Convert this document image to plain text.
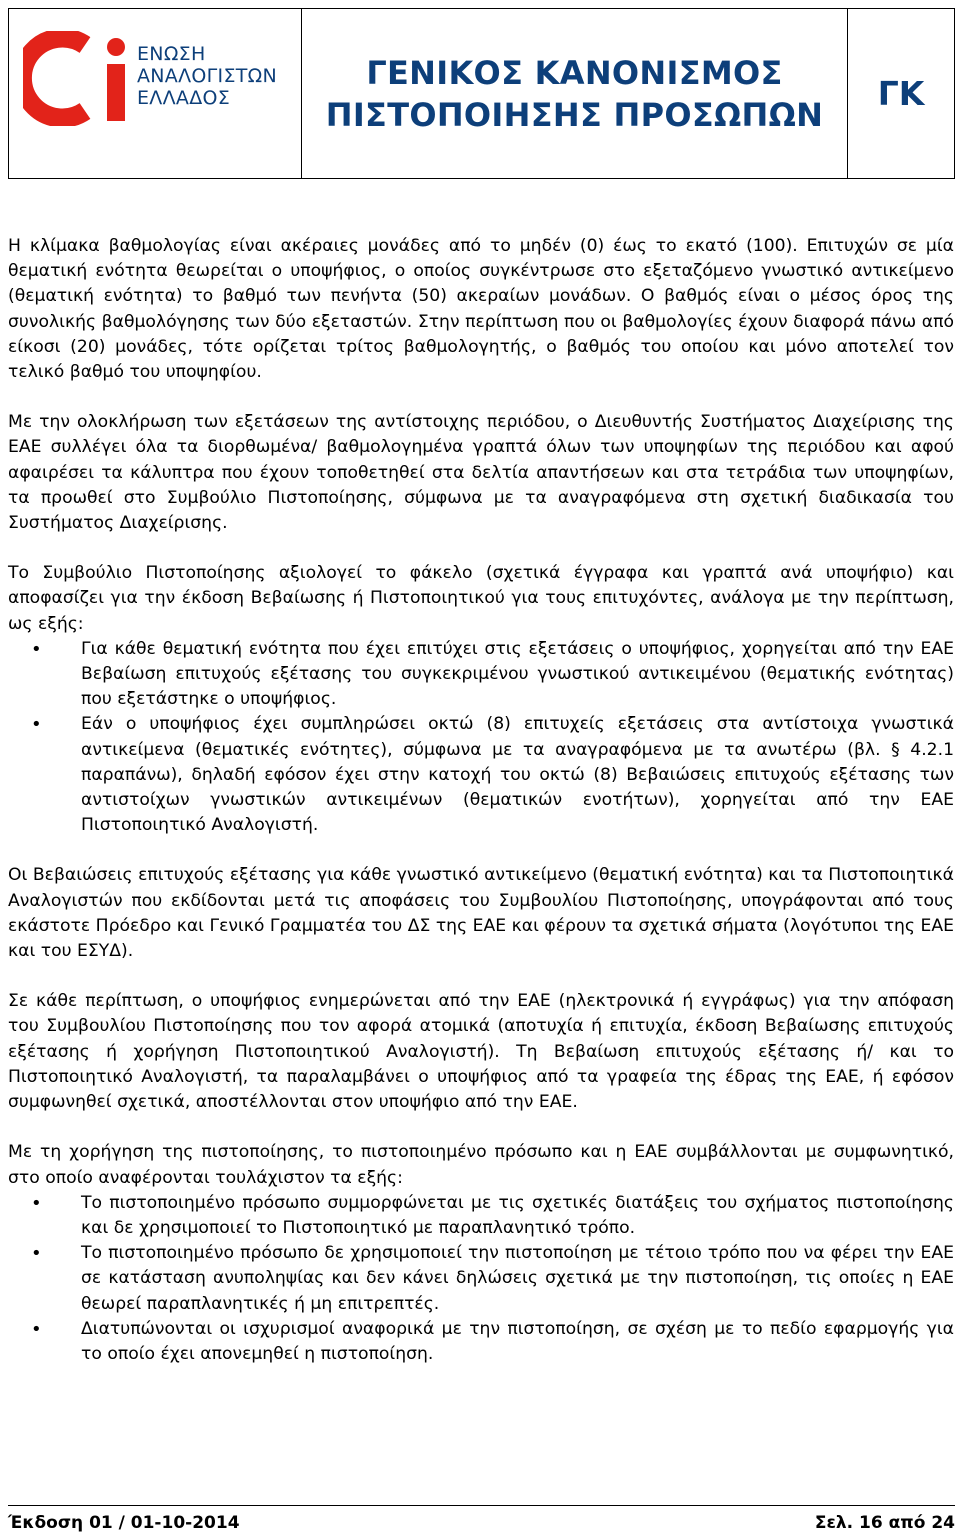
ΕΝΩΣΗ
ΑΝΑΛΟΓΙΣΤΩΝ
ΕΛΛΑΔΟΣ
ΓΕΝΙΚΟΣ ΚΑΝΟΝΙΣΜΟΣ
ΠΙΣΤΟΠΟΙΗΣΗΣ ΠΡΟΣΩΠΩΝ
ΓΚ

Η κλίμακα βαθμολογίας είναι ακέραιες μονάδες από το μηδέν (0) έως το εκατό (100). Επιτυχών σε μία θεματική ενότητα θεωρείται ο υποψήφιος, ο οποίος συγκέντρωσε στο εξεταζόμενο γνωστικό αντικείμενο (θεματική ενότητα) το βαθμό των πενήντα (50) ακεραίων μονάδων. Ο βαθμός είναι ο μέσος όρος της συνολικής βαθμολόγησης των δύο εξεταστών. Στην περίπτωση που οι βαθμολογίες έχουν διαφορά πάνω από είκοσι (20) μονάδες, τότε ορίζεται τρίτος βαθμολογητής, ο βαθμός του οποίου και μόνο αποτελεί τον τελικό βαθμό του υποψηφίου.

Με την ολοκλήρωση των εξετάσεων της αντίστοιχης περιόδου, ο Διευθυντής Συστήματος Διαχείρισης της ΕΑΕ συλλέγει όλα τα διορθωμένα/ βαθμολογημένα γραπτά όλων των υποψηφίων της περιόδου και αφού αφαιρέσει τα κάλυπτρα που έχουν τοποθετηθεί στα δελτία απαντήσεων και στα τετράδια των υποψηφίων, τα προωθεί στο Συμβούλιο Πιστοποίησης, σύμφωνα με τα αναγραφόμενα στη σχετική διαδικασία του Συστήματος Διαχείρισης.

Το Συμβούλιο Πιστοποίησης αξιολογεί το φάκελο (σχετικά έγγραφα και γραπτά ανά υποψήφιο) και αποφασίζει για την έκδοση Βεβαίωσης ή Πιστοποιητικού για τους επιτυχόντες, ανάλογα με την περίπτωση, ως εξής:

• Για κάθε θεματική ενότητα που έχει επιτύχει στις εξετάσεις ο υποψήφιος, χορηγείται από την ΕΑΕ Βεβαίωση επιτυχούς εξέτασης του συγκεκριμένου γνωστικού αντικειμένου (θεματικής ενότητας) που εξετάστηκε ο υποψήφιος.
• Εάν ο υποψήφιος έχει συμπληρώσει οκτώ (8) επιτυχείς εξετάσεις στα αντίστοιχα γνωστικά αντικείμενα (θεματικές ενότητες), σύμφωνα με τα αναγραφόμενα με τα ανωτέρω (βλ. § 4.2.1 παραπάνω), δηλαδή εφόσον έχει στην κατοχή του οκτώ (8) Βεβαιώσεις επιτυχούς εξέτασης των αντιστοίχων γνωστικών αντικειμένων (θεματικών ενοτήτων), χορηγείται από την ΕΑΕ Πιστοποιητικό Αναλογιστή.

Οι Βεβαιώσεις επιτυχούς εξέτασης για κάθε γνωστικό αντικείμενο (θεματική ενότητα) και τα Πιστοποιητικά Αναλογιστών που εκδίδονται μετά τις αποφάσεις του Συμβουλίου Πιστοποίησης, υπογράφονται από τους εκάστοτε Πρόεδρο και Γενικό Γραμματέα του ΔΣ της ΕΑΕ και φέρουν τα σχετικά σήματα (λογότυποι της ΕΑΕ και του ΕΣΥΔ).

Σε κάθε περίπτωση, ο υποψήφιος ενημερώνεται από την ΕΑΕ (ηλεκτρονικά ή εγγράφως) για την απόφαση του Συμβουλίου Πιστοποίησης που τον αφορά ατομικά (αποτυχία ή επιτυχία, έκδοση Βεβαίωσης επιτυχούς εξέτασης ή χορήγηση Πιστοποιητικού Αναλογιστή). Τη Βεβαίωση επιτυχούς εξέτασης ή/ και το Πιστοποιητικό Αναλογιστή, τα παραλαμβάνει ο υποψήφιος από τα γραφεία της έδρας της ΕΑΕ, ή εφόσον συμφωνηθεί σχετικά, αποστέλλονται στον υποψήφιο από την ΕΑΕ.

Με τη χορήγηση της πιστοποίησης, το πιστοποιημένο πρόσωπο και η ΕΑΕ συμβάλλονται με συμφωνητικό, στο οποίο αναφέρονται τουλάχιστον τα εξής:

• Το πιστοποιημένο πρόσωπο συμμορφώνεται με τις σχετικές διατάξεις του σχήματος πιστοποίησης και δε χρησιμοποιεί το Πιστοποιητικό με παραπλανητικό τρόπο.
• Το πιστοποιημένο πρόσωπο δε χρησιμοποιεί την πιστοποίηση με τέτοιο τρόπο που να φέρει την ΕΑΕ σε κατάσταση ανυποληψίας και δεν κάνει δηλώσεις σχετικά με την πιστοποίηση, τις οποίες η ΕΑΕ θεωρεί παραπλανητικές ή μη επιτρεπτές.
• Διατυπώνονται οι ισχυρισμοί αναφορικά με την πιστοποίηση, σε σχέση με το πεδίο εφαρμογής για το οποίο έχει απονεμηθεί η πιστοποίηση.
Έκδοση 01 / 01-10-2014	Σελ. 16 από 24
